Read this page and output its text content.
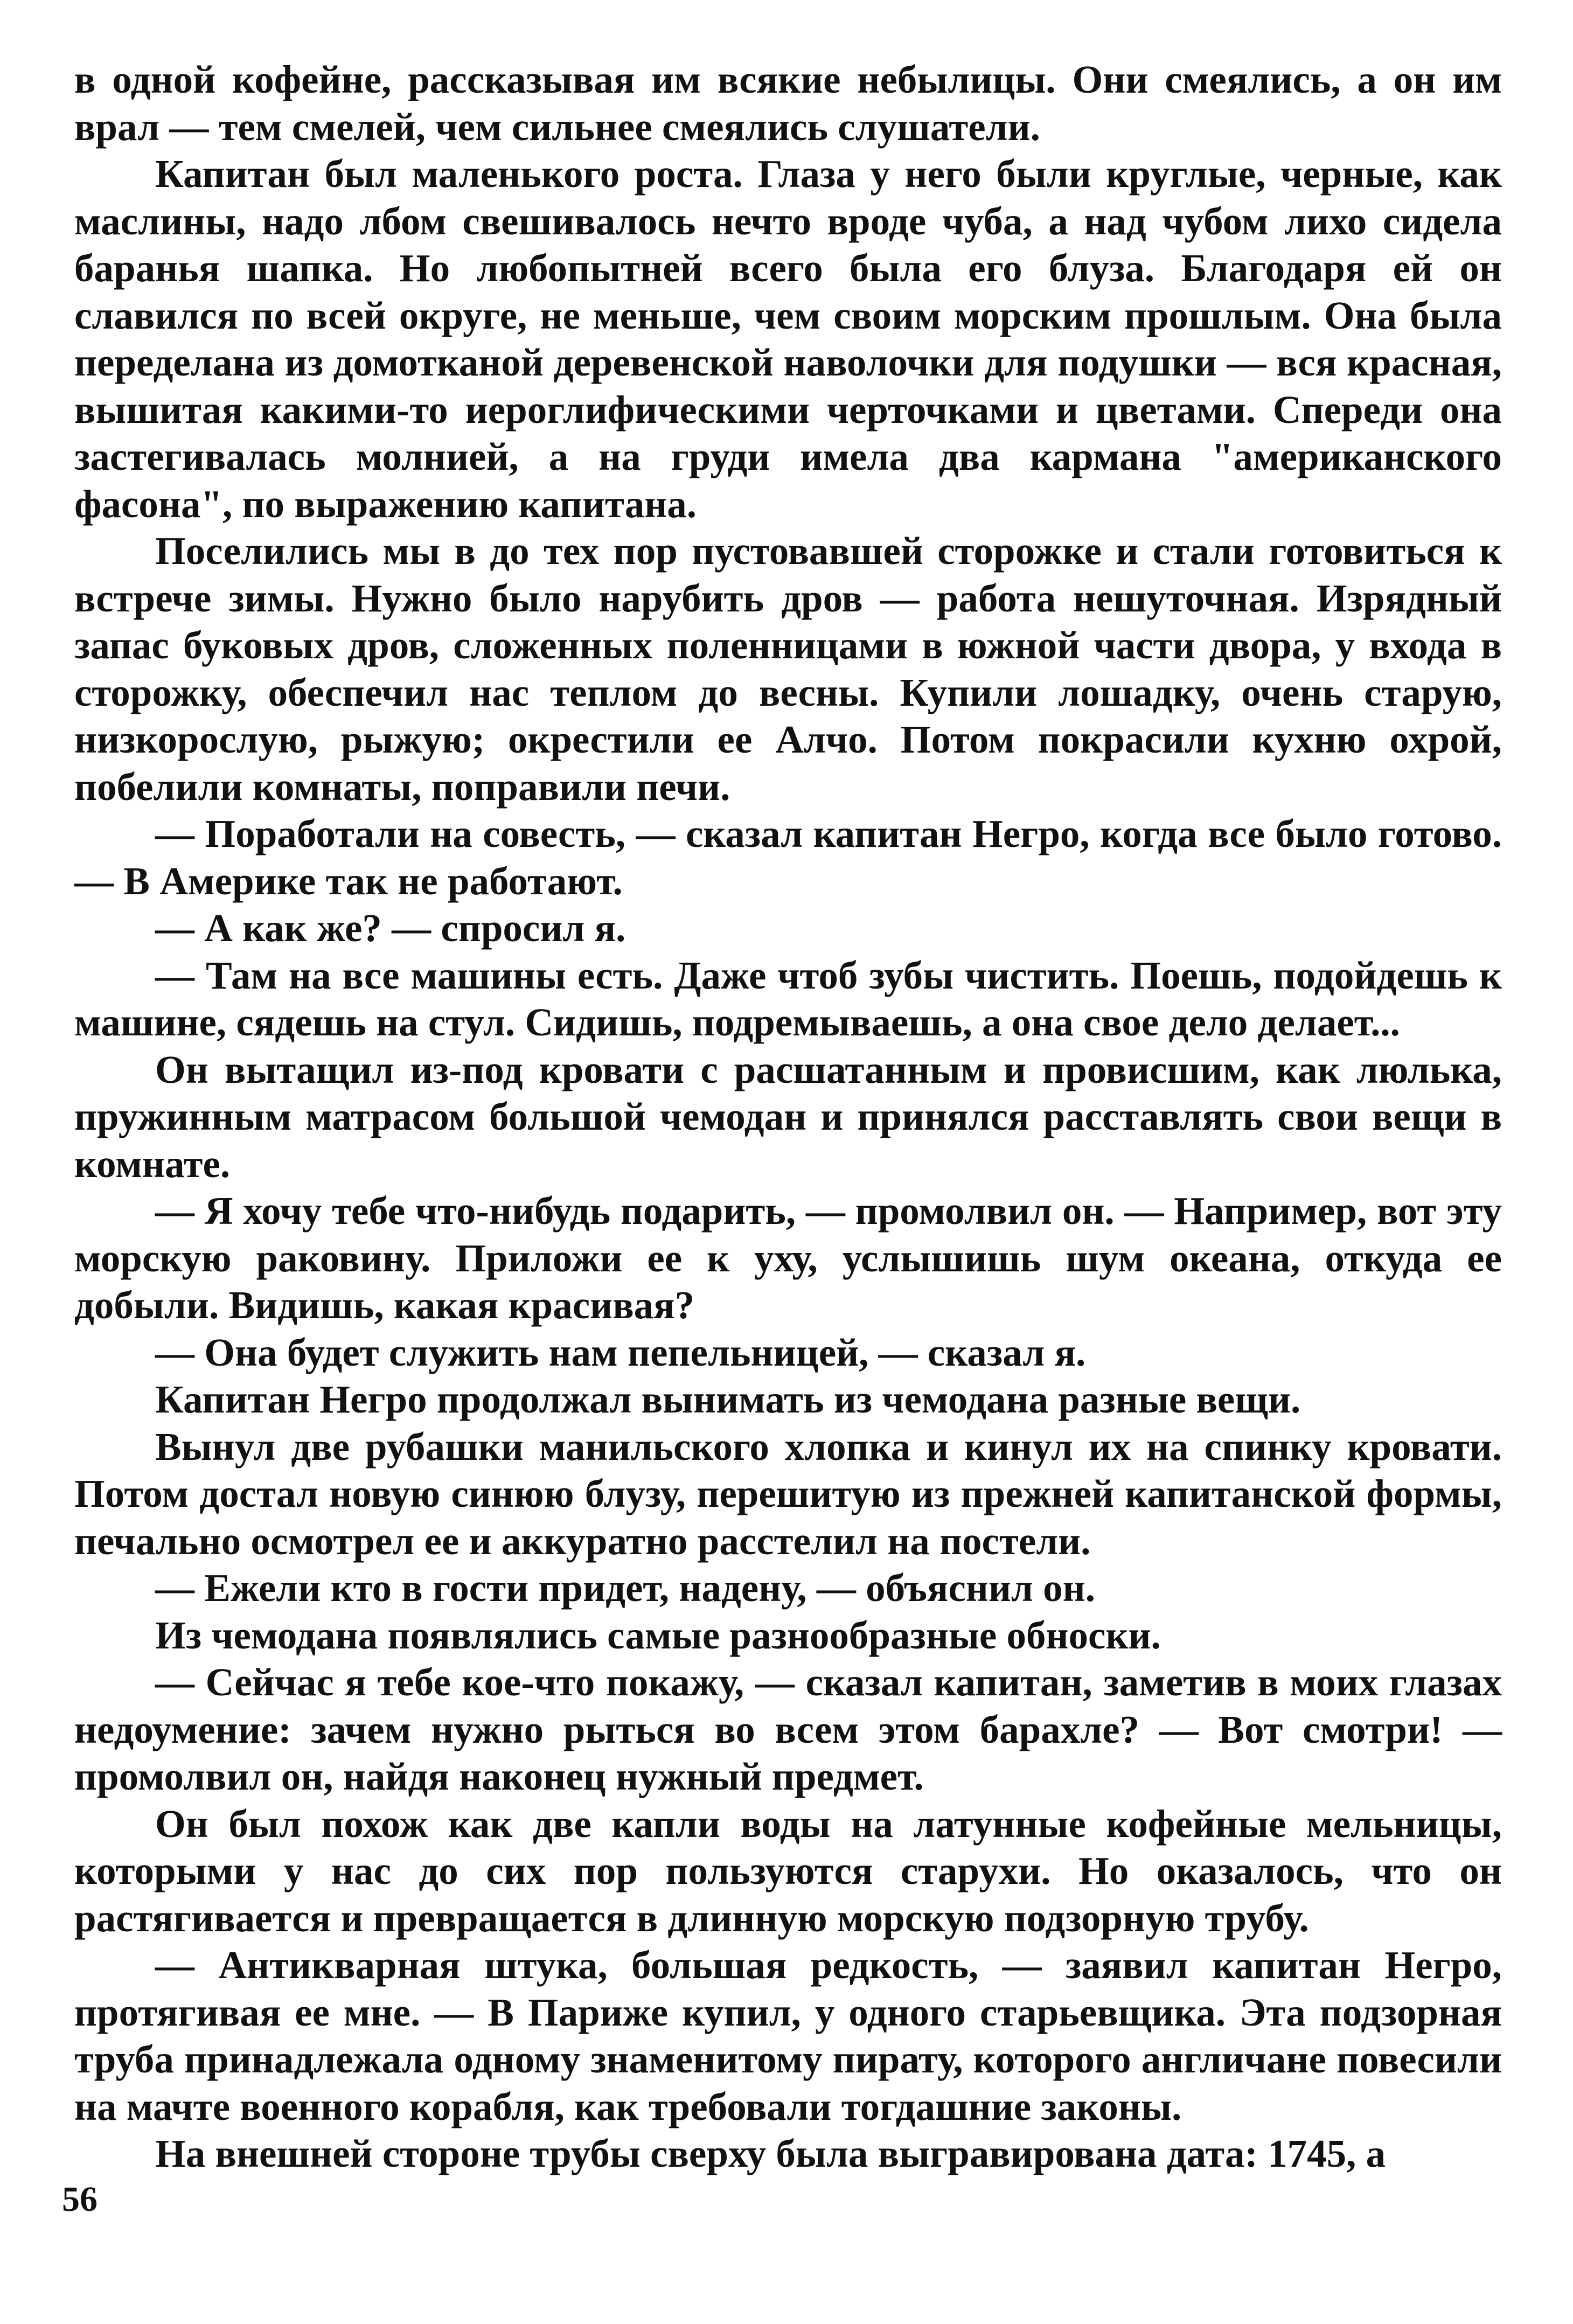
в одной кофейне, рассказывая им всякие небылицы. Они смеялись, а он им врал — тем смелей, чем сильнее смеялись слушатели.

Капитан был маленького роста. Глаза у него были круглые, черные, как маслины, надо лбом свешивалось нечто вроде чуба, а над чубом лихо сидела баранья шапка. Но любопытней всего была его блуза. Благодаря ей он славился по всей округе, не меньше, чем своим морским прошлым. Она была переделана из домотканой деревенской наволочки для подушки — вся красная, вышитая какими-то иероглифическими черточками и цветами. Спереди она застегивалась молнией, а на груди имела два кармана "американского фасона", по выражению капитана.

Поселились мы в до тех пор пустовавшей сторожке и стали готовиться к встрече зимы. Нужно было нарубить дров — работа нешуточная. Изрядный запас буковых дров, сложенных поленницами в южной части двора, у входа в сторожку, обеспечил нас теплом до весны. Купили лошадку, очень старую, низкорослую, рыжую; окрестили ее Алчо. Потом покрасили кухню охрой, побелили комнаты, поправили печи.

— Поработали на совесть, — сказал капитан Негро, когда все было готово. — В Америке так не работают.

— А как же? — спросил я.

— Там на все машины есть. Даже чтоб зубы чистить. Поешь, подойдешь к машине, сядешь на стул. Сидишь, подремываешь, а она свое дело делает...

Он вытащил из-под кровати с расшатанным и провисшим, как люлька, пружинным матрасом большой чемодан и принялся расставлять свои вещи в комнате.

— Я хочу тебе что-нибудь подарить, — промолвил он. — Например, вот эту морскую раковину. Приложи ее к уху, услышишь шум океана, откуда ее добыли. Видишь, какая красивая?

— Она будет служить нам пепельницей, — сказал я.

Капитан Негро продолжал вынимать из чемодана разные вещи.

Вынул две рубашки манильского хлопка и кинул их на спинку кровати. Потом достал новую синюю блузу, перешитую из прежней капитанской формы, печально осмотрел ее и аккуратно расстелил на постели.

— Ежели кто в гости придет, надену, — объяснил он.

Из чемодана появлялись самые разнообразные обноски.

— Сейчас я тебе кое-что покажу, — сказал капитан, заметив в моих глазах недоумение: зачем нужно рыться во всем этом барахле? — Вот смотри! — промолвил он, найдя наконец нужный предмет.

Он был похож как две капли воды на латунные кофейные мельницы, которыми у нас до сих пор пользуются старухи. Но оказалось, что он растягивается и превращается в длинную морскую подзорную трубу.

— Антикварная штука, большая редкость, — заявил капитан Негро, протягивая ее мне. — В Париже купил, у одного старьевщика. Эта подзорная труба принадлежала одному знаменитому пирату, которого англичане повесили на мачте военного корабля, как требовали тогдашние законы.

На внешней стороне трубы сверху была выгравирована дата: 1745, а

56
